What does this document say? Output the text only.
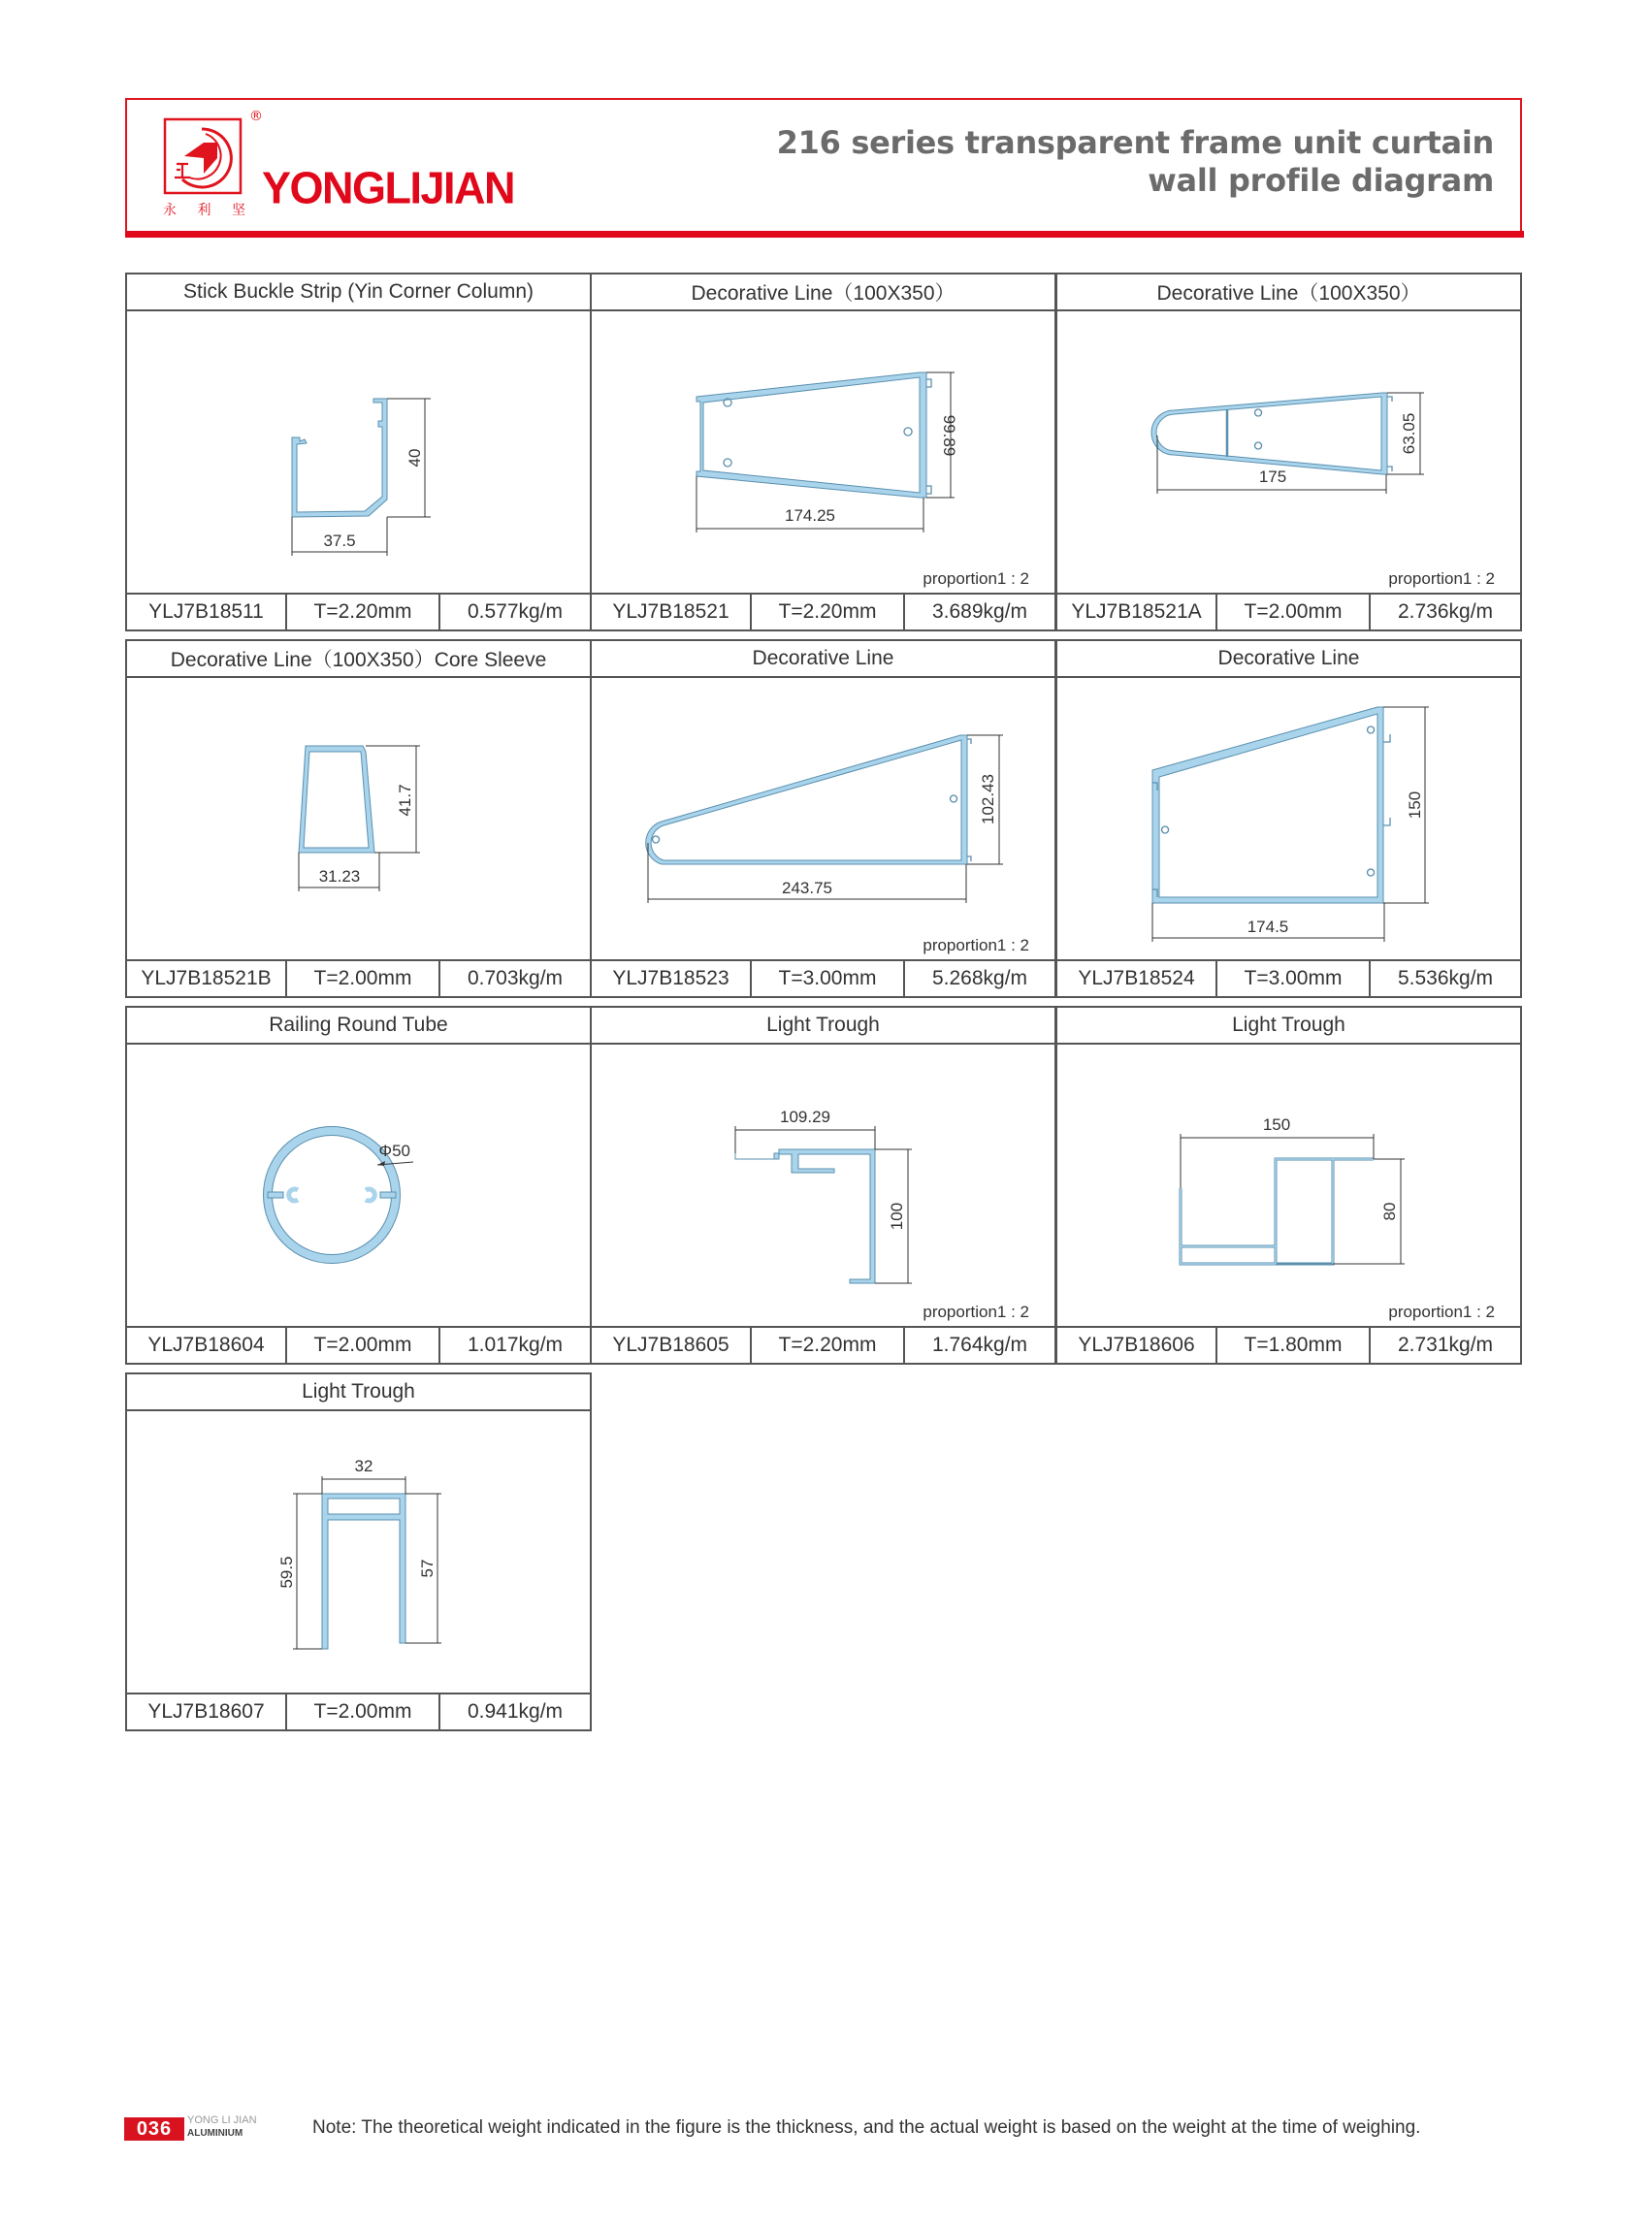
®
永 利 坚 YONGLIJIAN
216 series transparent frame unit curtain
wall profile diagram
Stick Buckle Strip (Yin Corner Column)
37.5
40
YLJ7B18511	T=2.20mm	0.577kg/m
Decorative Line（100X350）
174.25
99.89
proportion1 : 2
YLJ7B18521	T=2.20mm	3.689kg/m
Decorative Line（100X350）
175
63.05
proportion1 : 2
YLJ7B18521A	T=2.00mm	2.736kg/m
Decorative Line（100X350）Core Sleeve
31.23
41.7
YLJ7B18521B	T=2.00mm	0.703kg/m
Decorative Line
243.75
102.43
proportion1 : 2
YLJ7B18523	T=3.00mm	5.268kg/m
Decorative Line
174.5
150
YLJ7B18524	T=3.00mm	5.536kg/m
Railing Round Tube
Φ50
YLJ7B18604	T=2.00mm	1.017kg/m
Light Trough
109.29
100
proportion1 : 2
YLJ7B18605	T=2.20mm	1.764kg/m
Light Trough
150
80
proportion1 : 2
YLJ7B18606	T=1.80mm	2.731kg/m
Light Trough
32
59.5	57
YLJ7B18607	T=2.00mm	0.941kg/m
036	YONG LI JIAN
ALUMINIUM	Note: The theoretical weight indicated in the figure is the thickness, and the actual weight is based on the weight at the time of weighing.
